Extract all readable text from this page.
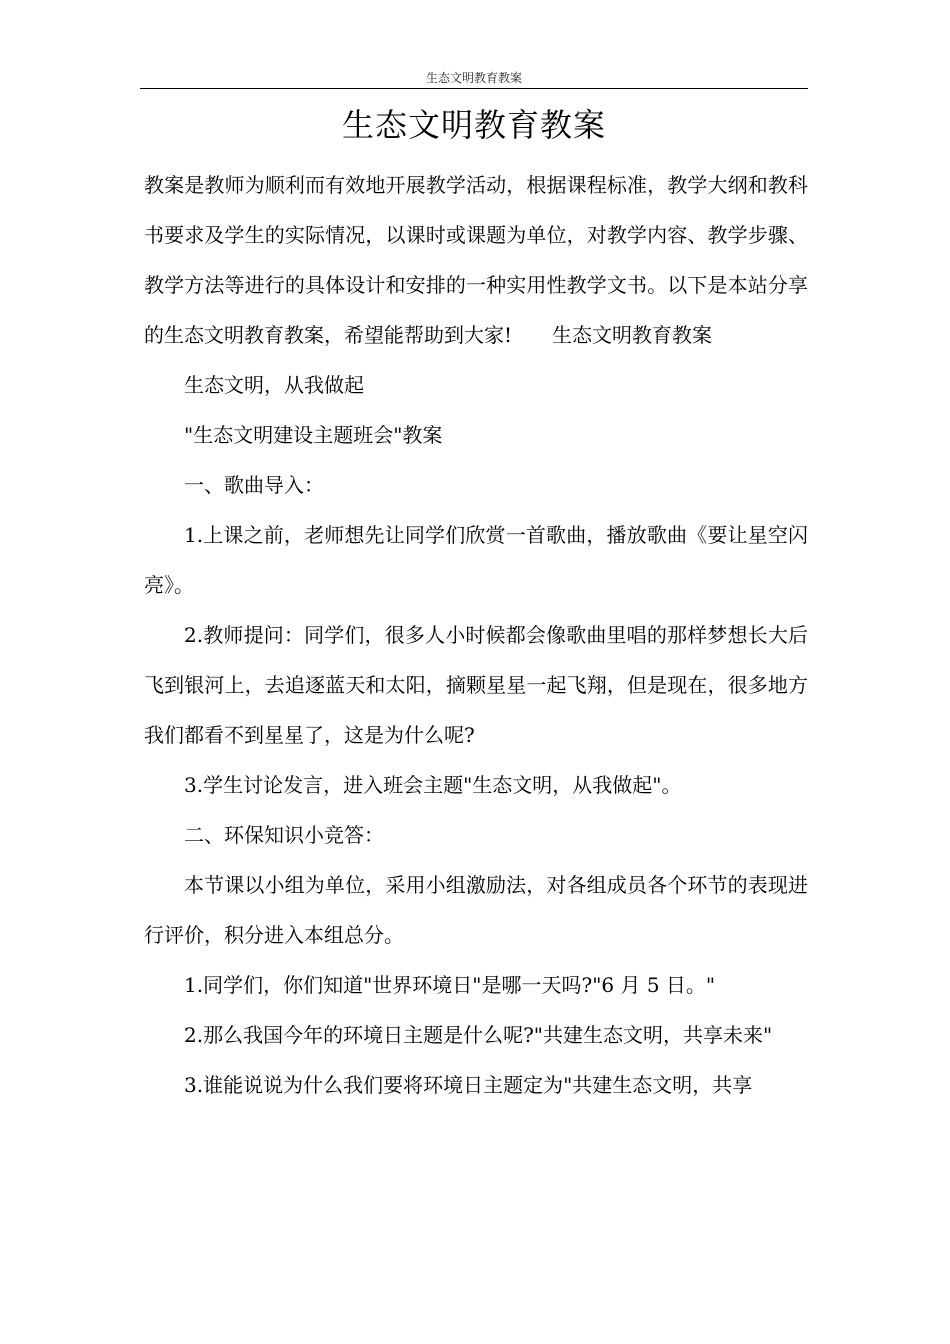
生态文明教育教案
生态文明教育教案

教案是教师为顺利而有效地开展教学活动，根据课程标准，教学大纲和教科书要求及学生的实际情况，以课时或课题为单位，对教学内容、教学步骤、教学方法等进行的具体设计和安排的一种实用性教学文书。以下是本站分享的生态文明教育教案，希望能帮助到大家! 生态文明教育教案

生态文明，从我做起

"生态文明建设主题班会"教案

一、歌曲导入：

1.上课之前，老师想先让同学们欣赏一首歌曲，播放歌曲《要让星空闪亮》。

2.教师提问：同学们，很多人小时候都会像歌曲里唱的那样梦想长大后飞到银河上，去追逐蓝天和太阳，摘颗星星一起飞翔，但是现在，很多地方我们都看不到星星了，这是为什么呢?

3.学生讨论发言，进入班会主题"生态文明，从我做起"。

二、环保知识小竞答：

本节课以小组为单位，采用小组激励法，对各组成员各个环节的表现进行评价，积分进入本组总分。

1.同学们，你们知道"世界环境日"是哪一天吗?"6 月 5 日。"

2.那么我国今年的环境日主题是什么呢?"共建生态文明，共享未来"

3.谁能说说为什么我们要将环境日主题定为"共建生态文明，共享
